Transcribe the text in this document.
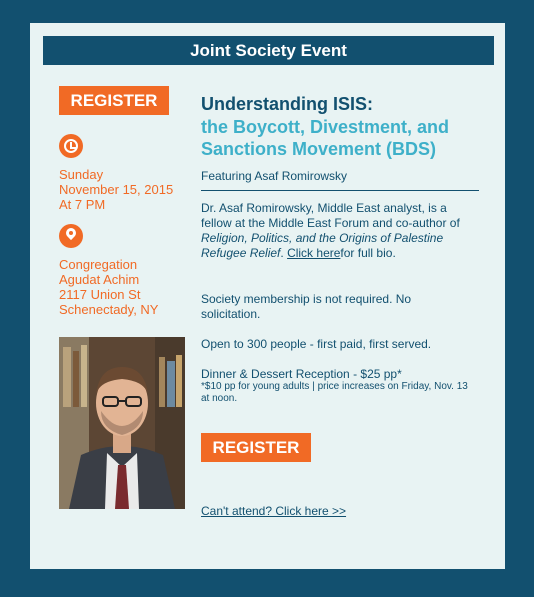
Joint Society Event
REGISTER
Sunday
November 15, 2015
At 7 PM
Congregation
Agudat Achim
2117 Union St
Schenectady, NY
Understanding ISIS:
the Boycott, Divestment, and Sanctions Movement (BDS)
Featuring Asaf Romirowsky
Dr. Asaf Romirowsky, Middle East analyst, is a fellow at the Middle East Forum and co-author of Religion, Politics, and the Origins of Palestine Refugee Relief. Click herefor full bio.
Society membership is not required. No solicitation.
Open to 300 people - first paid, first served.
Dinner & Dessert Reception - $25 pp*
*$10 pp for young adults | price increases on Friday, Nov. 13 at noon.
REGISTER
Can't attend? Click here >>
